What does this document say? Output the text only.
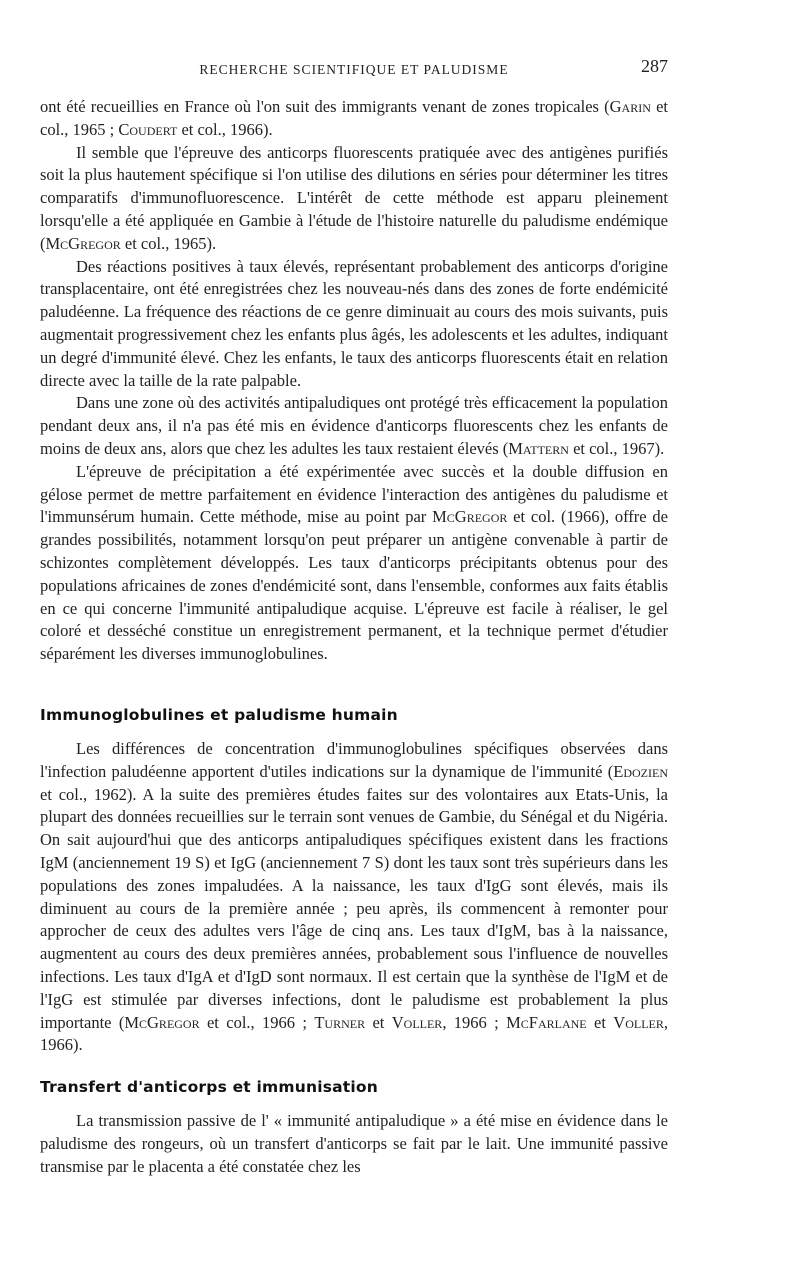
RECHERCHE SCIENTIFIQUE ET PALUDISME	287

ont été recueillies en France où l'on suit des immigrants venant de zones tropicales (Garin et col., 1965 ; Coudert et col., 1966).

Il semble que l'épreuve des anticorps fluorescents pratiquée avec des antigènes purifiés soit la plus hautement spécifique si l'on utilise des dilutions en séries pour déterminer les titres comparatifs d'immunofluorescence. L'intérêt de cette méthode est apparu pleinement lorsqu'elle a été appliquée en Gambie à l'étude de l'histoire naturelle du paludisme endémique (McGregor et col., 1965).

Des réactions positives à taux élevés, représentant probablement des anticorps d'origine transplacentaire, ont été enregistrées chez les nouveau-nés dans des zones de forte endémicité paludéenne. La fréquence des réactions de ce genre diminuait au cours des mois suivants, puis augmentait progressivement chez les enfants plus âgés, les adolescents et les adultes, indiquant un degré d'immunité élevé. Chez les enfants, le taux des anticorps fluorescents était en relation directe avec la taille de la rate palpable.

Dans une zone où des activités antipaludiques ont protégé très efficacement la population pendant deux ans, il n'a pas été mis en évidence d'anticorps fluorescents chez les enfants de moins de deux ans, alors que chez les adultes les taux restaient élevés (Mattern et col., 1967).

L'épreuve de précipitation a été expérimentée avec succès et la double diffusion en gélose permet de mettre parfaitement en évidence l'interaction des antigènes du paludisme et l'immunsérum humain. Cette méthode, mise au point par McGregor et col. (1966), offre de grandes possibilités, notamment lorsqu'on peut préparer un antigène convenable à partir de schizontes complètement développés. Les taux d'anticorps précipitants obtenus pour des populations africaines de zones d'endémicité sont, dans l'ensemble, conformes aux faits établis en ce qui concerne l'immunité antipaludique acquise. L'épreuve est facile à réaliser, le gel coloré et desséché constitue un enregistrement permanent, et la technique permet d'étudier séparément les diverses immunoglobulines.

Immunoglobulines et paludisme humain

Les différences de concentration d'immunoglobulines spécifiques observées dans l'infection paludéenne apportent d'utiles indications sur la dynamique de l'immunité (Edozien et col., 1962). A la suite des premières études faites sur des volontaires aux Etats-Unis, la plupart des données recueillies sur le terrain sont venues de Gambie, du Sénégal et du Nigéria. On sait aujourd'hui que des anticorps antipaludiques spécifiques existent dans les fractions IgM (anciennement 19 S) et IgG (anciennement 7 S) dont les taux sont très supérieurs dans les populations des zones impaludées. A la naissance, les taux d'IgG sont élevés, mais ils diminuent au cours de la première année ; peu après, ils commencent à remonter pour approcher de ceux des adultes vers l'âge de cinq ans. Les taux d'IgM, bas à la naissance, augmentent au cours des deux premières années, probablement sous l'influence de nouvelles infections. Les taux d'IgA et d'IgD sont normaux. Il est certain que la synthèse de l'IgM et de l'IgG est stimulée par diverses infections, dont le paludisme est probablement la plus importante (McGregor et col., 1966 ; Turner et Voller, 1966 ; McFarlane et Voller, 1966).

Transfert d'anticorps et immunisation

La transmission passive de l' « immunité antipaludique » a été mise en évidence dans le paludisme des rongeurs, où un transfert d'anticorps se fait par le lait. Une immunité passive transmise par le placenta a été constatée chez les
